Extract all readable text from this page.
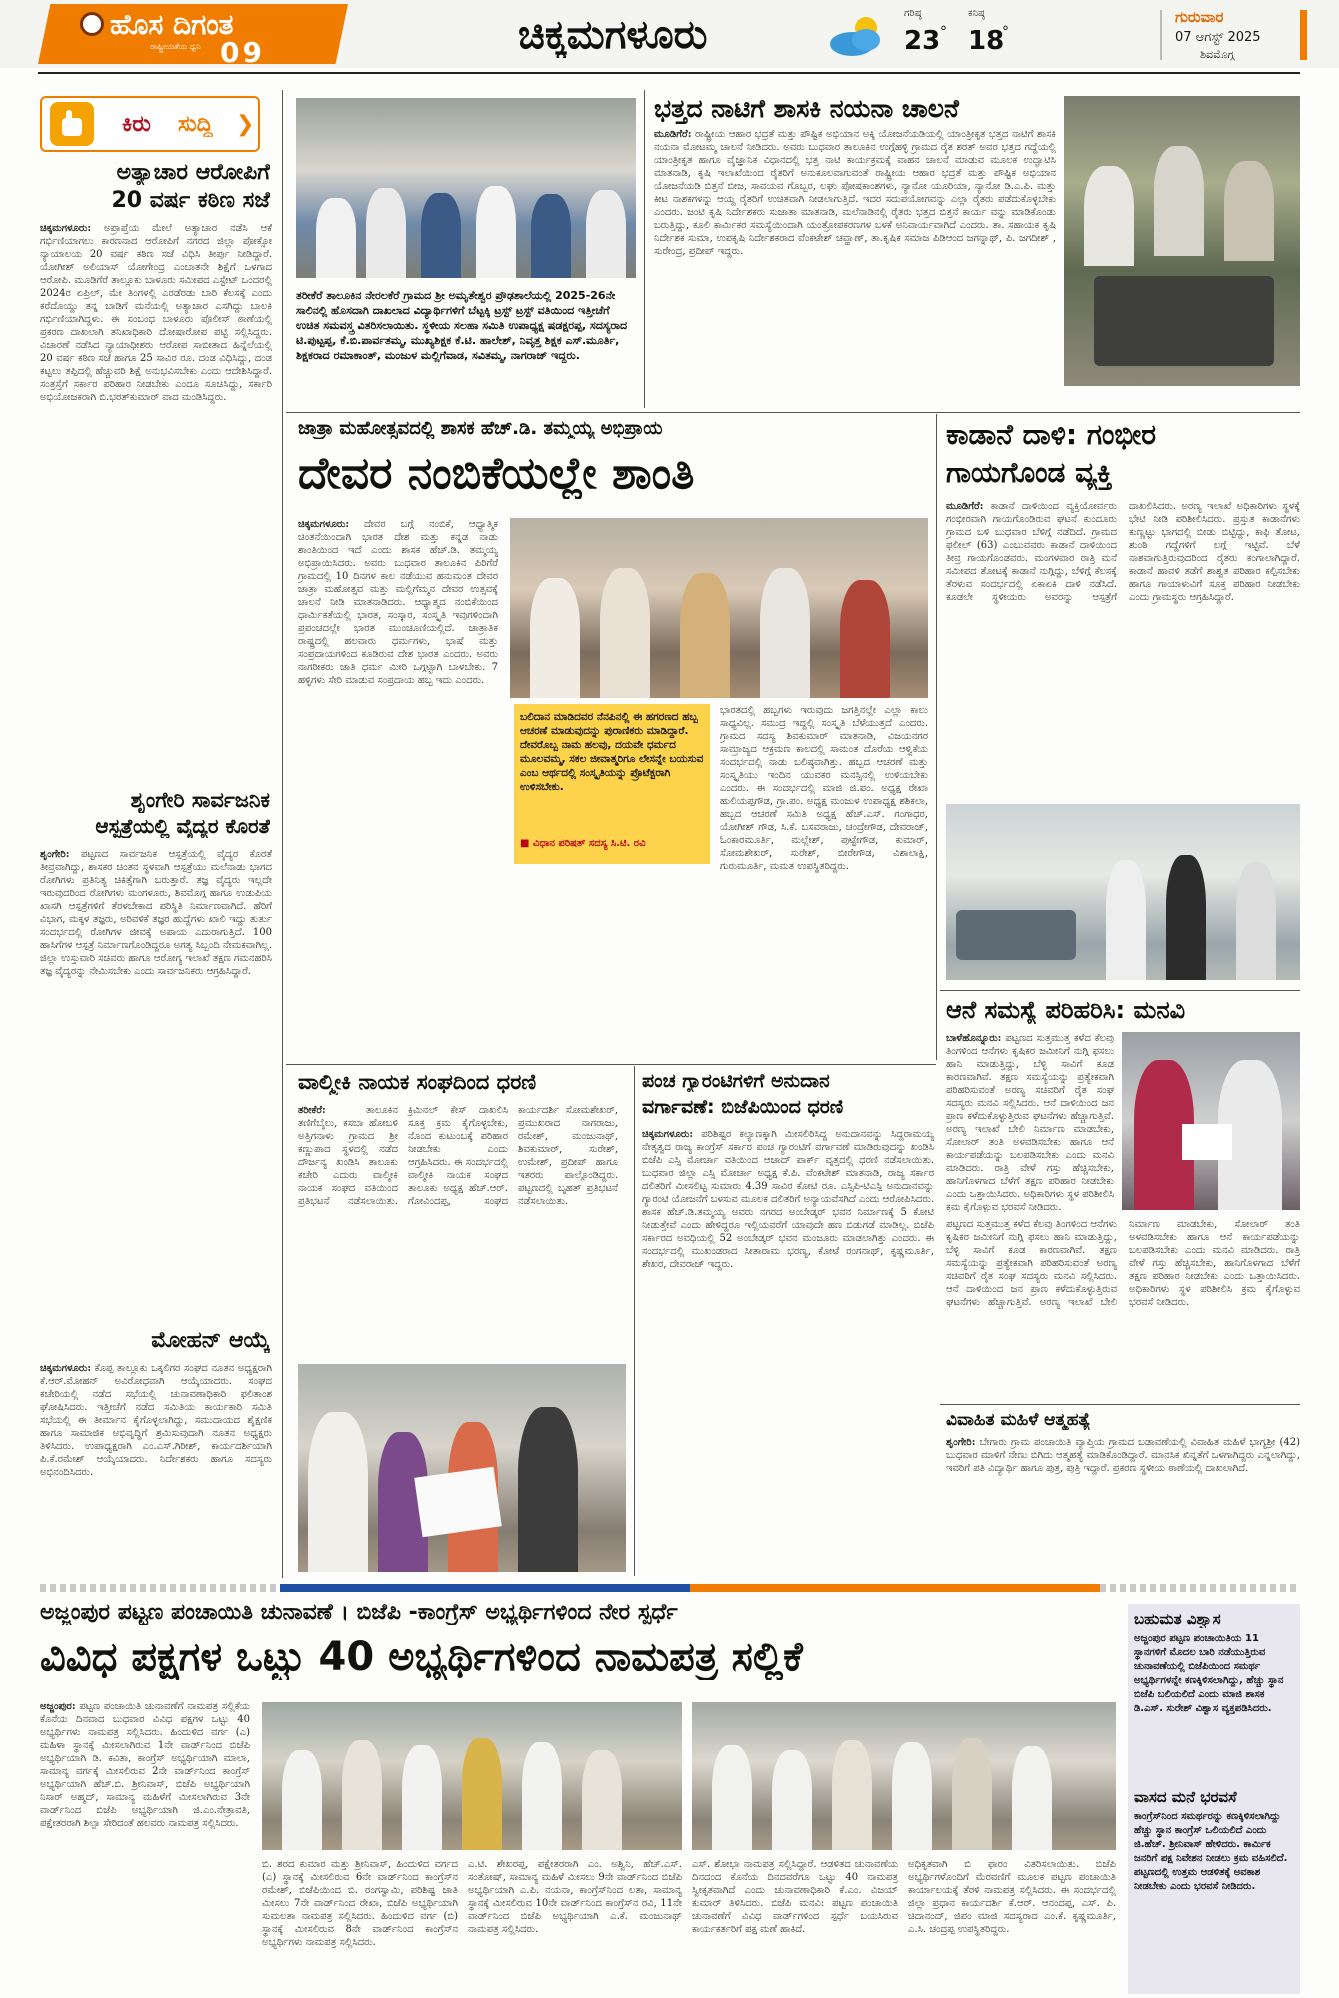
ಹೊಸ ದಿಗಂತ
ರಾಷ್ಟ್ರೀಯತೆಯ ಧ್ವನಿ 09	ಚಿಕ್ಕಮಗಳೂರು	ಗರಿಷ್ಠ
23 °
ಕನಿಷ್ಠ
18
°
ಗುರುವಾರ
07 ಆಗಸ್ಟ್ 2025
ಶಿವಮೊಗ್ಗ
ಕಿರು ಸುದ್ದಿ ❯
ಅತ್ಯಾಚಾರ ಆರೋಪಿಗೆ
20 ವರ್ಷ ಕಠಿಣ ಸಜೆ
ಚಿಕ್ಕಮಗಳೂರು: ಅಪ್ರಾಪ್ತೆಯ ಮೇಲೆ ಅತ್ಯಾಚಾರ ನಡೆಸಿ ಆಕೆ ಗರ್ಭಿಣಿಯಾಗಲು ಕಾರಣನಾದ ಆರೋಪಿಗೆ ನಗರದ ಜಿಲ್ಲಾ ಪೋಕ್ಸೋ ನ್ಯಾಯಾಲಯ 20 ವರ್ಷ ಕಠಿಣ ಸಜೆ ವಿಧಿಸಿ ತೀರ್ಪು ನೀಡಿದ್ದಾರೆ. ಯೋಗೀಶ್ ಅಲಿಯಾಸ್ ಯೋಗೇಂದ್ರ ಎಂಬಾತನೇ ಶಿಕ್ಷೆಗೆ ಒಳಗಾದ ಆರೋಪಿ. ಮೂಡಿಗೆರೆ ತಾಲ್ಲೂಕು ಬಾಳೂರು ಸಮೀಪದ ಎಸ್ಟೇಟ್ ಒಂದರಲ್ಲಿ 2024ರ ಏಪ್ರಿಲ್, ಮೇ ತಿಂಗಳಲ್ಲಿ ಎರಡೆರಡು ಬಾರಿ ಕೆಲಸಕ್ಕೆ ಎಂದು ಕರೆದೊಯ್ದು ತನ್ನ ಬಾಡಿಗೆ ಮನೆಯಲ್ಲಿ ಅತ್ಯಾಚಾರ ಎಸಗಿದ್ದು ಬಾಲಕಿ ಗರ್ಭಿಣಿಯಾಗಿದ್ದಳು. ಈ ಸಂಬಂಧ ಬಾಳೂರು ಪೊಲೀಸ್ ಠಾಣೆಯಲ್ಲಿ ಪ್ರಕರಣ ದಾಖಲಾಗಿ ತನಿಖಾಧಿಕಾರಿ ದೋಷಾರೋಪ ಪಟ್ಟಿ ಸಲ್ಲಿಸಿದ್ದರು. ವಿಚಾರಣೆ ನಡೆಸಿದ ನ್ಯಾಯಾಧೀಶರು ಆರೋಪ ಸಾಬೀತಾದ ಹಿನ್ನೆಲೆಯಲ್ಲಿ 20 ವರ್ಷ ಕಠಿಣ ಸಜೆ ಹಾಗೂ 25 ಸಾವಿರ ರೂ. ದಂಡ ವಿಧಿಸಿದ್ದು, ದಂಡ ಕಟ್ಟಲು ತಪ್ಪಿದಲ್ಲಿ ಹೆಚ್ಚುವರಿ ಶಿಕ್ಷೆ ಅನುಭವಿಸಬೇಕು ಎಂದು ಆದೇಶಿಸಿದ್ದಾರೆ. ಸಂತ್ರಸ್ತೆಗೆ ಸರ್ಕಾರ ಪರಿಹಾರ ನೀಡಬೇಕು ಎಂದೂ ಸೂಚಿಸಿದ್ದು, ಸರ್ಕಾರಿ ಅಭಿಯೋಜಕರಾಗಿ ಬಿ.ಭರತ್‌ಕುಮಾರ್ ವಾದ ಮಂಡಿಸಿದ್ದರು.
ಶೃಂಗೇರಿ ಸಾರ್ವಜನಿಕ
ಆಸ್ಪತ್ರೆಯಲ್ಲಿ ವೈದ್ಯರ ಕೊರತೆ
ಶೃಂಗೇರಿ: ಪಟ್ಟಣದ ಸಾರ್ವಜನಿಕ ಆಸ್ಪತ್ರೆಯಲ್ಲಿ ವೈದ್ಯರ ಕೊರತೆ ತೀವ್ರವಾಗಿದ್ದು, ಶಾಸಕರ ಚಿಂತನ ಸ್ಥಳವಾಗಿ ಆಸ್ಪತ್ರೆಯು ಮಲೆನಾಡು ಭಾಗದ ರೋಗಿಗಳು ಪ್ರತಿನಿತ್ಯ ಚಿಕಿತ್ಸೆಗಾಗಿ ಬರುತ್ತಾರೆ. ತಜ್ಞ ವೈದ್ಯರು ಇಲ್ಲದೇ ಇರುವುದರಿಂದ ರೋಗಿಗಳು ಮಂಗಳೂರು, ಶಿವಮೊಗ್ಗ ಹಾಗೂ ಉಡುಪಿಯ ಖಾಸಗಿ ಆಸ್ಪತ್ರೆಗಳಿಗೆ ತೆರಳಬೇಕಾದ ಪರಿಸ್ಥಿತಿ ನಿರ್ಮಾಣವಾಗಿದೆ. ಹೆರಿಗೆ ವಿಭಾಗ, ಮಕ್ಕಳ ತಜ್ಞರು, ಅರಿವಳಿಕೆ ತಜ್ಞರ ಹುದ್ದೆಗಳು ಖಾಲಿ ಇದ್ದು ತುರ್ತು ಸಂದರ್ಭದಲ್ಲಿ ರೋಗಿಗಳ ಜೀವಕ್ಕೆ ಅಪಾಯ ಎದುರಾಗುತ್ತಿದೆ. 100 ಹಾಸಿಗೆಗಳ ಆಸ್ಪತ್ರೆ ನಿರ್ಮಾಣಗೊಂಡಿದ್ದರೂ ಅಗತ್ಯ ಸಿಬ್ಬಂದಿ ನೇಮಕವಾಗಿಲ್ಲ. ಜಿಲ್ಲಾ ಉಸ್ತುವಾರಿ ಸಚಿವರು ಹಾಗೂ ಆರೋಗ್ಯ ಇಲಾಖೆ ತಕ್ಷಣ ಗಮನಹರಿಸಿ ತಜ್ಞ ವೈದ್ಯರನ್ನು ನೇಮಿಸಬೇಕು ಎಂದು ಸಾರ್ವಜನಿಕರು ಆಗ್ರಹಿಸಿದ್ದಾರೆ.
ಮೋಹನ್ ಆಯ್ಕೆ
ಚಿಕ್ಕಮಗಳೂರು: ಕೊಪ್ಪ ತಾಲ್ಲೂಕು ಒಕ್ಕಲಿಗರ ಸಂಘದ ನೂತನ ಅಧ್ಯಕ್ಷರಾಗಿ ಕೆ.ಆರ್.ಮೋಹನ್ ಅವಿರೋಧವಾಗಿ ಆಯ್ಕೆಯಾದರು. ಸಂಘದ ಕಚೇರಿಯಲ್ಲಿ ನಡೆದ ಸಭೆಯಲ್ಲಿ ಚುನಾವಣಾಧಿಕಾರಿ ಫಲಿತಾಂಶ ಘೋಷಿಸಿದರು. ಇತ್ತೀಚೆಗೆ ನಡೆದ ಸಮಿತಿಯ ಕಾರ್ಯಕಾರಿ ಸಮಿತಿ ಸಭೆಯಲ್ಲಿ ಈ ತೀರ್ಮಾನ ಕೈಗೊಳ್ಳಲಾಗಿದ್ದು, ಸಮುದಾಯದ ಶೈಕ್ಷಣಿಕ ಹಾಗೂ ಸಾಮಾಜಿಕ ಅಭಿವೃದ್ಧಿಗೆ ಶ್ರಮಿಸುವುದಾಗಿ ನೂತನ ಅಧ್ಯಕ್ಷರು ತಿಳಿಸಿದರು. ಉಪಾಧ್ಯಕ್ಷರಾಗಿ ಎಂ.ಎಸ್.ಗಿರೀಶ್, ಕಾರ್ಯದರ್ಶಿಯಾಗಿ ಪಿ.ಕೆ.ರಮೇಶ್ ಆಯ್ಕೆಯಾದರು. ನಿರ್ದೇಶಕರು ಹಾಗೂ ಸದಸ್ಯರು ಅಭಿನಂದಿಸಿದರು.
ತರೀಕೆರೆ ತಾಲೂಕಿನ ನೇರಲಕೆರೆ ಗ್ರಾಮದ ಶ್ರೀ ಅಮೃತೇಶ್ವರ ಪ್ರೌಢಶಾಲೆಯಲ್ಲಿ 2025-26ನೇ ಸಾಲಿನಲ್ಲಿ ಹೊಸದಾಗಿ ದಾಖಲಾದ ವಿದ್ಯಾರ್ಥಿಗಳಿಗೆ ಬೆಟ್ಟಕ್ಕಿ ಟ್ರಸ್ಟ್ ಟ್ರಸ್ಟ್ ವತಿಯಿಂದ ಇತ್ತೀಚೆಗೆ ಉಚಿತ ಸಮವಸ್ತ್ರ ವಿತರಿಸಲಾಯಿತು. ಸ್ಥಳೀಯ ಸಲಹಾ ಸಮಿತಿ ಉಪಾಧ್ಯಕ್ಷ ಷಡಕ್ಷರಪ್ಪ, ಸದಸ್ಯರಾದ ಟಿ.ಪುಟ್ಟಪ್ಪ, ಕೆ.ಬಿ.ಪಾರ್ವತಮ್ಮ, ಮುಖ್ಯಶಿಕ್ಷಕ ಕೆ.ಟಿ. ಹಾಲೇಶ್, ನಿವೃತ್ತ ಶಿಕ್ಷಕ ಎಸ್.ಮೂರ್ತಿ, ಶಿಕ್ಷಕರಾದ ರಮಾಕಾಂತ್, ಮಂಜುಳ ಮಲ್ಲಿಗೆವಾಡ, ಸವಿತಮ್ಮ, ನಾಗರಾಜ್ ಇದ್ದರು.
ಭತ್ತದ ನಾಟಿಗೆ ಶಾಸಕಿ ನಯನಾ ಚಾಲನೆ
ಮೂಡಿಗೆರೆ: ರಾಷ್ಟ್ರೀಯ ಆಹಾರ ಭದ್ರತೆ ಮತ್ತು ಪೌಷ್ಟಿಕ ಅಭಿಯಾನ ಅಕ್ಕಿ ಯೋಜನೆಯಡಿಯಲ್ಲಿ ಯಾಂತ್ರೀಕೃತ ಭತ್ತದ ನಾಟಿಗೆ ಶಾಸಕಿ ನಯನಾ ಮೋಟಮ್ಮ ಚಾಲನೆ ನೀಡಿದರು. ಅವರು ಬುಧವಾರ ತಾಲೂಕಿನ ಉಗ್ಗೆಹಳ್ಳಿ ಗ್ರಾಮದ ರೈತ ಶರತ್ ಅವರ ಭತ್ತದ ಗದ್ದೆಯಲ್ಲಿ ಯಾಂತ್ರೀಕೃತ ಹಾಗೂ ವೈಜ್ಞಾನಿಕ ವಿಧಾನದಲ್ಲಿ ಭತ್ತ ನಾಟಿ ಕಾರ್ಯಕ್ರಮಕ್ಕೆ ವಾಹನ ಚಾಲನೆ ಮಾಡುವ ಮೂಲಕ ಉದ್ಘಾಟಿಸಿ ಮಾತನಾಡಿ, ಕೃಷಿ ಇಲಾಖೆಯಿಂದ ರೈತರಿಗೆ ಅನುಕೂಲವಾಗುವಂತೆ ರಾಷ್ಟ್ರೀಯ ಆಹಾರ ಭದ್ರತೆ ಮತ್ತು ಪೌಷ್ಟಿಕ ಅಭಿಯಾನ ಯೋಜನೆಯಡಿ ಬಿತ್ತನೆ ಬೀಜ, ಸಾವಯವ ಗೊಬ್ಬರ, ಲಘು ಪೋಷಕಾಂಶಗಳು, ನ್ಯಾನೋ ಯೂರಿಯಾ, ನ್ಯಾನೋ ಡಿ.ಎ.ಪಿ. ಮತ್ತು ಕೀಟ ನಾಶಕಗಳನ್ನು ಆಯ್ದ ರೈತರಿಗೆ ಉಚಿತವಾಗಿ ನೀಡಲಾಗುತ್ತಿದೆ. ಇದರ ಸದುಪಯೋಗವನ್ನು ಎಲ್ಲಾ ರೈತರು ಪಡೆದುಕೊಳ್ಳಬೇಕು ಎಂದರು. ಜಂಟಿ ಕೃಷಿ ನಿರ್ದೇಶಕರು ಸುಜಾತಾ ಮಾತನಾಡಿ, ಮಲೆನಾಡಿನಲ್ಲಿ ರೈತರು ಭತ್ತದ ಬಿತ್ತನೆ ಕಾರ್ಯ ವನ್ನು ಮಾಡಿಕೊಂಡು ಬರುತ್ತಿದ್ದು, ಕೂಲಿ ಕಾರ್ಮಿಕರ ಸಮಸ್ಯೆಯಿಂದಾಗಿ ಯಂತ್ರೋಪಕರಣಗಳ ಬಳಕೆ ಅನಿವಾರ್ಯವಾಗಿದೆ ಎಂದರು. ತಾ. ಸಹಾಯಕ ಕೃಷಿ ನಿರ್ದೇಶಕ ಸುಮಾ, ಉಪಕೃಷಿ ನಿರ್ದೇಶಕರಾದ ವೆಂಕಟೇಶ್ ಚವ್ಹಾಣ್, ತಾ.ಕೃಷಿಕ ಸಮಾಜ ಪಿಡಿಆಂದ ಜಗನ್ನಾಥ್, ಪಿ. ಜಗದೀಶ್ , ಸುರೇಂದ್ರ, ಪ್ರದೀಪ್ ಇದ್ದರು.
ಜಾತ್ರಾ ಮಹೋತ್ಸವದಲ್ಲಿ ಶಾಸಕ ಹೆಚ್.ಡಿ. ತಮ್ಮಯ್ಯ ಅಭಿಪ್ರಾಯ
ದೇವರ ನಂಬಿಕೆಯಲ್ಲೇ ಶಾಂತಿ
ಚಿಕ್ಕಮಗಳೂರು: ದೇವರ ಬಗ್ಗೆ ನಂಬಿಕೆ, ಆಧ್ಯಾತ್ಮಿಕ ಚಿಂತನೆಯಿಂದಾಗಿ ಭಾರತ ದೇಶ ಮತ್ತು ಕನ್ನಡ ನಾಡು ಶಾಂತಿಯಿಂದ ಇದೆ ಎಂದು ಶಾಸಕ ಹೆಚ್.ಡಿ. ತಮ್ಮಯ್ಯ ಅಭಿಪ್ರಾಯಿಸಿದರು. ಅವರು ಬುಧವಾರ ತಾಲೂಕಿನ ಪಿರಿಗೆರೆ ಗ್ರಾಮದಲ್ಲಿ 10 ದಿನಗಳ ಕಾಲ ನಡೆಯುವ ಹನುಮಂತ ದೇವರ ಜಾತ್ರಾ ಮಹೋತ್ಸವ ಮತ್ತು ಮಲ್ಲಿಗೆಮ್ಮನ ದೇವರ ಉತ್ಸವಕ್ಕೆ ಚಾಲನೆ ನೀಡಿ ಮಾತನಾಡಿದರು. ಆಧ್ಯಾತ್ಮದ ನಂಬಿಕೆಯಿಂದ ಧಾರ್ಮಿಕತೆಯಲ್ಲಿ ಭಾರತ, ಸಂಸ್ಕಾರ, ಸಂಸ್ಕೃತಿ ಇವುಗಳಿಂದಾಗಿ ಪ್ರಪಂಚದಲ್ಲೇ ಭಾರತ ಮುಂಚೂಣಿಯಲ್ಲಿದೆ. ಜಾತ್ರಾತಿಕ ರಾಷ್ಟ್ರದಲ್ಲಿ ಹಲವಾರು ಧರ್ಮಗಳು, ಭಾಷೆ ಮತ್ತು ಸಂಪ್ರದಾಯಗಳಿಂದ ಕೂಡಿರುವ ದೇಶ ಭಾರತ ಎಂದರು. ಅವರು ನಾಗರೀಕರು ಜಾತಿ ಧರ್ಮ ಮೀರಿ ಒಗ್ಗಟ್ಟಾಗಿ ಬಾಳಬೇಕು. 7 ಹಳ್ಳಿಗಳು ಸೇರಿ ಮಾಡುವ ಸಂಪ್ರದಾಯ ಹಬ್ಬ ಇದು ಎಂದರು.
ಬಲಿದಾನ ಮಾಡಿದವರ ನೆನಪಿನಲ್ಲಿ ಈ ಹಗರಣದ ಹಬ್ಬ ಆಚರಣೆ ಮಾಡುವುದನ್ನು ಪುರಾಣಿಕರು ಮಾಡಿದ್ದಾರೆ. ದೇವರೊಬ್ಬ ನಾಮ ಹಲವು, ದಯವೇ ಧರ್ಮದ ಮೂಲವಮ್ಮ, ಸಕಲ ಜೀವಾತ್ಮರಿಗೂ ಲೇಸನ್ನೇ ಬಯಸುವ ಎಂಬ ಆರ್ಥದಲ್ಲಿ ಸಂಸ್ಕೃತಿಯನ್ನು ಪ್ರೊಟೆಕ್ಟರಾಗಿ ಉಳಿಸಬೇಕು.
■ ವಿಧಾನ ಪರಿಷತ್ ಸದಸ್ಯ ಸಿ.ಟಿ. ರವಿ
ಭಾರತದಲ್ಲಿ ಹಬ್ಬಗಳು ಇರುವುದು ಜಗತ್ತಿನಲ್ಲೇ ಎಲ್ಲಾ ಕಾಲು ಸಾಧ್ಯವಿಲ್ಲ. ಸಮುದ್ರ ಇದ್ದಲ್ಲಿ ಸಂಸ್ಕೃತಿ ಬೆಳೆಯುತ್ತದೆ ಎಂದರು. ಗ್ರಾಮದ ಸದಸ್ಯ ಶಿವಕುಮಾರ್ ಮಾತನಾಡಿ, ವಿಜಯನಗರ ಸಾಮ್ರಾಜ್ಯದ ಆಕ್ರಮಣ ಕಾಲದಲ್ಲಿ ಸಾಮಂತ ದೊರೆಯ ಆಳ್ವಿಕೆಯ ಸಂದರ್ಭದಲ್ಲಿ ನಾಡು ಬಲಿಷ್ಠವಾಗಿತ್ತು. ಹಬ್ಬದ ಆಚರಣೆ ಮತ್ತು ಸಂಸ್ಕೃತಿಯು ಇಂದಿನ ಯುವಕರ ಮನಸ್ಸಿನಲ್ಲಿ ಉಳಿಯಬೇಕು ಎಂದರು. ಈ ಸಂದರ್ಭದಲ್ಲಿ ಮಾಜಿ ಜಿ.ಪಂ. ಅಧ್ಯಕ್ಷ ರೇಖಾ ಹುಲಿಯಪ್ಪಗೌಡ, ಗ್ರಾ.ಪಂ. ಅಧ್ಯಕ್ಷ ಮಂಜುಳ ಉಪಾಧ್ಯಕ್ಷ ಶಶಿಕಲಾ, ಹಬ್ಬದ ಆಚರಣೆ ಸಮಿತಿ ಅಧ್ಯಕ್ಷ ಹೆಚ್.ಎಸ್. ಗಂಗಾಧರ, ಯೋಗೀಶ್ ಗೌಡ, ಸಿ.ಕೆ. ಬಸವರಾಜು, ಚಂದ್ರೇಗೌಡ, ದೇವರಾಜ್, ಓಂಕಾರಮೂರ್ತಿ, ಮಲ್ಲೇಶ್, ಪುಟ್ಟೇಗೌಡ, ಕುಮಾರ್, ಸೋಮಶೇಖರ್, ಸುರೇಶ್, ಬೀರೇಗೌಡ, ವಿಶಾಲಾಕ್ಷಿ, ಗುರುಮೂರ್ತಿ, ಮಮತ ಉಪಸ್ಥಿತರಿದ್ದರು.
ಕಾಡಾನೆ ದಾಳಿ: ಗಂಭೀರ
ಗಾಯಗೊಂಡ ವ್ಯಕ್ತಿ
ಮೂಡಿಗೆರೆ: ಕಾಡಾನೆ ದಾಳಿಯಿಂದ ವ್ಯಕ್ತಿಯೋರ್ವರು ಗಂಭೀರವಾಗಿ ಗಾಯಗೊಂಡಿರುವ ಘಟನೆ ಕುಂದೂರು ಗ್ರಾಮದ ಬಳಿ ಬುಧವಾರ ಬೆಳಿಗ್ಗೆ ನಡೆದಿದೆ. ಗ್ರಾಮದ ಫಲೀಲ್ (63) ಎಂಬುವವರು ಕಾಡಾನೆ ದಾಳಿಯಿಂದ ತೀವ್ರ ಗಾಯಗೊಂಡವರು. ಮಂಗಳವಾರ ರಾತ್ರಿ ಮನೆ ಸಮೀಪದ ತೋಟಕ್ಕೆ ಕಾಡಾನೆ ನುಗ್ಗಿದ್ದು, ಬೆಳಿಗ್ಗೆ ಕೆಲಸಕ್ಕೆ ತೆರಳುವ ಸಂದರ್ಭದಲ್ಲಿ ಏಕಾಏಕಿ ದಾಳಿ ನಡೆಸಿದೆ. ಕೂಡಲೇ ಸ್ಥಳೀಯರು ಅವರನ್ನು ಆಸ್ಪತ್ರೆಗೆ ದಾಖಲಿಸಿದರು. ಅರಣ್ಯ ಇಲಾಖೆ ಅಧಿಕಾರಿಗಳು ಸ್ಥಳಕ್ಕೆ ಭೇಟಿ ನೀಡಿ ಪರಿಶೀಲಿಸಿದರು. ಪ್ರಸ್ತುತ ಕಾಡಾನೆಗಳು ಕುಣ್ಣಟ್ಟು ಭಾಗದಲ್ಲಿ ಬೀಡು ಬಿಟ್ಟಿದ್ದು, ಕಾಫಿ ತೋಟ, ಶುಂಠಿ ಗದ್ದೆಗಳಿಗೆ ಲಗ್ಗೆ ಇಟ್ಟಿವೆ. ಬೆಳೆ ನಾಶವಾಗುತ್ತಿರುವುದರಿಂದ ರೈತರು ಕಂಗಾಲಾಗಿದ್ದಾರೆ. ಕಾಡಾನೆ ಹಾವಳಿ ತಡೆಗೆ ಶಾಶ್ವತ ಪರಿಹಾರ ಕಲ್ಪಿಸಬೇಕು ಹಾಗೂ ಗಾಯಾಳುವಿಗೆ ಸೂಕ್ತ ಪರಿಹಾರ ನೀಡಬೇಕು ಎಂದು ಗ್ರಾಮಸ್ಥರು ಆಗ್ರಹಿಸಿದ್ದಾರೆ.
ಆನೆ ಸಮಸ್ಯೆ ಪರಿಹರಿಸಿ: ಮನವಿ
ಬಾಳೆಹೊನ್ನೂರು: ಪಟ್ಟಣದ ಸುತ್ತಮುತ್ತ ಕಳೆದ ಕೆಲವು ತಿಂಗಳಿಂದ ಆನೆಗಳು ಕೃಷಿಕರ ಜಮೀನಿಗೆ ನುಗ್ಗಿ ಫಸಲು ಹಾನಿ ಮಾಡುತ್ತಿದ್ದು, ಬೆಳ್ಳಿ ಸಾವಿಗೆ ಕೂಡ ಕಾರಣವಾಗಿವೆ. ತಕ್ಷಣ ಸಮಸ್ಯೆಯನ್ನು ಪ್ರತ್ಯೇಕವಾಗಿ ಪರಿಹರಿಸುವಂತೆ ಅರಣ್ಯ ಸಚಿವರಿಗೆ ರೈತ ಸಂಘ ಸದಸ್ಯರು ಮನವಿ ಸಲ್ಲಿಸಿದರು. ಆನೆ ದಾಳಿಯಿಂದ ಜನ ಪ್ರಾಣ ಕಳೆದುಕೊಳ್ಳುತ್ತಿರುವ ಘಟನೆಗಳು ಹೆಚ್ಚಾಗುತ್ತಿವೆ. ಅರಣ್ಯ ಇಲಾಖೆ ಬೇಲಿ ನಿರ್ಮಾಣ ಮಾಡಬೇಕು, ಸೋಲಾರ್ ತಂತಿ ಅಳವಡಿಸಬೇಕು ಹಾಗೂ ಆನೆ ಕಾರ್ಯಪಡೆಯನ್ನು ಬಲಪಡಿಸಬೇಕು ಎಂದು ಮನವಿ ಮಾಡಿದರು. ರಾತ್ರಿ ವೇಳೆ ಗಸ್ತು ಹೆಚ್ಚಿಸಬೇಕು, ಹಾನಿಗೊಳಗಾದ ಬೆಳೆಗೆ ತಕ್ಷಣ ಪರಿಹಾರ ನೀಡಬೇಕು ಎಂದು ಒತ್ತಾಯಿಸಿದರು. ಅಧಿಕಾರಿಗಳು ಸ್ಥಳ ಪರಿಶೀಲಿಸಿ ಕ್ರಮ ಕೈಗೊಳ್ಳುವ ಭರವಸೆ ನೀಡಿದರು.
ಪಟ್ಟಣದ ಸುತ್ತಮುತ್ತ ಕಳೆದ ಕೆಲವು ತಿಂಗಳಿಂದ ಆನೆಗಳು ಕೃಷಿಕರ ಜಮೀನಿಗೆ ನುಗ್ಗಿ ಫಸಲು ಹಾನಿ ಮಾಡುತ್ತಿದ್ದು, ಬೆಳ್ಳಿ ಸಾವಿಗೆ ಕೂಡ ಕಾರಣವಾಗಿವೆ. ತಕ್ಷಣ ಸಮಸ್ಯೆಯನ್ನು ಪ್ರತ್ಯೇಕವಾಗಿ ಪರಿಹರಿಸುವಂತೆ ಅರಣ್ಯ ಸಚಿವರಿಗೆ ರೈತ ಸಂಘ ಸದಸ್ಯರು ಮನವಿ ಸಲ್ಲಿಸಿದರು. ಆನೆ ದಾಳಿಯಿಂದ ಜನ ಪ್ರಾಣ ಕಳೆದುಕೊಳ್ಳುತ್ತಿರುವ ಘಟನೆಗಳು ಹೆಚ್ಚಾಗುತ್ತಿವೆ. ಅರಣ್ಯ ಇಲಾಖೆ ಬೇಲಿ ನಿರ್ಮಾಣ ಮಾಡಬೇಕು, ಸೋಲಾರ್ ತಂತಿ ಅಳವಡಿಸಬೇಕು ಹಾಗೂ ಆನೆ ಕಾರ್ಯಪಡೆಯನ್ನು ಬಲಪಡಿಸಬೇಕು ಎಂದು ಮನವಿ ಮಾಡಿದರು. ರಾತ್ರಿ ವೇಳೆ ಗಸ್ತು ಹೆಚ್ಚಿಸಬೇಕು, ಹಾನಿಗೊಳಗಾದ ಬೆಳೆಗೆ ತಕ್ಷಣ ಪರಿಹಾರ ನೀಡಬೇಕು ಎಂದು ಒತ್ತಾಯಿಸಿದರು. ಅಧಿಕಾರಿಗಳು ಸ್ಥಳ ಪರಿಶೀಲಿಸಿ ಕ್ರಮ ಕೈಗೊಳ್ಳುವ ಭರವಸೆ ನೀಡಿದರು.
ವಿವಾಹಿತ ಮಹಿಳೆ ಆತ್ಮಹತ್ಯೆ
ಶೃಂಗೇರಿ: ಬೇಗಾರು ಗ್ರಾಮ ಪಂಚಾಯಿತಿ ವ್ಯಾಪ್ತಿಯ ಗ್ರಾಮದ ಬಡಾವಣೆಯಲ್ಲಿ ವಿವಾಹಿತ ಮಹಿಳೆ ಭಾಗ್ಯಶ್ರೀ (42) ಬುಧವಾರ ಮಾಳಿಗೆ ನೇಣು ಬಿಗಿದು ಆತ್ಮಹತ್ಯೆ ಮಾಡಿಕೊಂಡಿದ್ದಾರೆ. ಮಾನಸಿಕ ಖಿನ್ನತೆಗೆ ಒಳಗಾಗಿದ್ದರು ಎನ್ನಲಾಗಿದ್ದು, ಇವರಿಗೆ ಪತಿ ವಿದ್ಯಾರ್ಥಿ ಹಾಗೂ ಪುತ್ರ, ಪುತ್ರಿ ಇದ್ದಾರೆ. ಪ್ರಕರಣ ಸ್ಥಳೀಯ ಠಾಣೆಯಲ್ಲಿ ದಾಖಲಾಗಿದೆ.
ವಾಲ್ಮೀಕಿ ನಾಯಕ ಸಂಘದಿಂದ ಧರಣಿ
ತರೀಕೆರೆ:	ತಾಲೂಕಿನ ತಣಿಗೆಬೈಲು, ಕಸಬಾ ಹೋಬಳಿ ಅತ್ತಿಗನಾಳು ಗ್ರಾಮದ ಶ್ರೀ ಕಣ್ಣುಪಾದ ಸ್ಥಳದಲ್ಲಿ ನಡೆದ ದೌರ್ಜನ್ಯ ಖಂಡಿಸಿ ತಾಲೂಕು ಕಚೇರಿ ಎದುರು ವಾಲ್ಮೀಕಿ ನಾಯಕ ಸಂಘದ ವತಿಯಿಂದ ಪ್ರತಿಭಟನೆ ನಡೆಸಲಾಯಿತು. ಕ್ರಿಮಿನಲ್ ಕೇಸ್ ದಾಖಲಿಸಿ ಸೂಕ್ತ ಕ್ರಮ ಕೈಗೊಳ್ಳಬೇಕು, ನೊಂದ ಕುಟುಂಬಕ್ಕೆ ಪರಿಹಾರ ನೀಡಬೇಕು ಎಂದು ಆಗ್ರಹಿಸಿದರು. ಈ ಸಂದರ್ಭದಲ್ಲಿ ವಾಲ್ಮೀಕಿ ನಾಯಕ ಸಂಘದ ತಾಲೂಕು ಅಧ್ಯಕ್ಷ ಹೆಚ್.ಆರ್. ಗೋವಿಂದಪ್ಪ, ಸಂಘದ ಕಾರ್ಯದರ್ಶಿ ಸೋಮಶೇಖರ್, ಪ್ರಮುಖರಾದ ನಾಗರಾಜು, ರಮೇಶ್, ಮಂಜುನಾಥ್, ಶಿವಕುಮಾರ್, ಸುರೇಶ್, ಉಮೇಶ್, ಪ್ರದೀಪ್ ಹಾಗೂ ಇತರರು ಪಾಲ್ಗೊಂಡಿದ್ದರು. ಪಟ್ಟಣದಲ್ಲಿ ಬೃಹತ್ ಪ್ರತಿಭಟನೆ ನಡೆಸಲಾಯಿತು.
ಪಂಚ ಗ್ಯಾರಂಟಿಗಳಿಗೆ ಅನುದಾನ
ವರ್ಗಾವಣೆ: ಬಿಜೆಪಿಯಿಂದ ಧರಣಿ
ಚಿಕ್ಕಮಗಳೂರು: ಪರಿಶಿಷ್ಟರ ಕಲ್ಯಾಣಕ್ಕಾಗಿ ಮೀಸಲಿರಿಸಿದ್ದ ಅನುದಾನವನ್ನು ಸಿದ್ದರಾಮಯ್ಯ ನೇತೃತ್ವದ ರಾಜ್ಯ ಕಾಂಗ್ರೆಸ್ ಸರ್ಕಾರ ಪಂಚ ಗ್ಯಾರಂಟಿಗೆ ವರ್ಗಾವಣೆ ಮಾಡಿರುವುದನ್ನು ಖಂಡಿಸಿ ಬಿಜೆಪಿ ಎಸ್ಸಿ ಮೋರ್ಚಾ ವತಿಯಿಂದ ಆಜಾದ್ ಪಾರ್ಕ್ ವೃತ್ತದಲ್ಲಿ ಧರಣಿ ನಡೆಸಲಾಯಿತು. ಬುಧವಾರ ಜಿಲ್ಲಾ ಎಸ್ಸಿ ಮೋರ್ಚಾ ಅಧ್ಯಕ್ಷ ಕೆ.ಪಿ. ವೆಂಕಟೇಶ್ ಮಾತನಾಡಿ, ರಾಜ್ಯ ಸರ್ಕಾರ ದಲಿತರಿಗೆ ಮೀಸಲಿಟ್ಟ ಸುಮಾರು 4.39 ಸಾವಿರ ಕೋಟಿ ರೂ. ಎಸ್ಸಿಪಿ-ಟಿಎಸ್ಪಿ ಅನುದಾನವನ್ನು ಗ್ಯಾರಂಟಿ ಯೋಜನೆಗೆ ಬಳಸುವ ಮೂಲಕ ದಲಿತರಿಗೆ ಅನ್ಯಾಯವೆಸಗಿದೆ ಎಂದು ಆರೋಪಿಸಿದರು. ಶಾಸಕ ಹೆಚ್.ಡಿ.ತಮ್ಮಯ್ಯ ಅವರು ನಗರದ ಅಂಬೇಡ್ಕರ್ ಭವನ ನಿರ್ಮಾಣಕ್ಕೆ 5 ಕೋಟಿ ನೀಡುತ್ತೇವೆ ಎಂದು ಹೇಳಿದ್ದರೂ ಇಲ್ಲಿಯವರೆಗೆ ಯಾವುದೇ ಹಣ ಬಿಡುಗಡೆ ಮಾಡಿಲ್ಲ. ಬಿಜೆಪಿ ಸರ್ಕಾರದ ಅವಧಿಯಲ್ಲಿ 52 ಅಂಬೇಡ್ಕರ್ ಭವನ ಮಂಜೂರು ಮಾಡಲಾಗಿತ್ತು ಎಂದರು. ಈ ಸಂದರ್ಭದಲ್ಲಿ ಮುಖಂಡರಾದ ಸೀತಾರಾಮ ಭರಣ್ಯ, ಕೋಟೆ ರಂಗನಾಥ್, ಕೃಷ್ಣಮೂರ್ತಿ, ಶೇಖರ, ದೇವರಾಜ್ ಇದ್ದರು.
ಅಜ್ಜಂಪುರ ಪಟ್ಟಣ ಪಂಚಾಯಿತಿ ಚುನಾವಣೆ । ಬಿಜೆಪಿ -ಕಾಂಗ್ರೆಸ್ ಅಭ್ಯರ್ಥಿಗಳಿಂದ ನೇರ ಸ್ಪರ್ಧೆ
ವಿವಿಧ ಪಕ್ಷಗಳ ಒಟ್ಟು 40 ಅಭ್ಯರ್ಥಿಗಳಿಂದ ನಾಮಪತ್ರ ಸಲ್ಲಿಕೆ
ಅಜ್ಜಂಪುರ: ಪಟ್ಟಣ ಪಂಚಾಯಿತಿ ಚುನಾವಣೆಗೆ ನಾಮಪತ್ರ ಸಲ್ಲಿಕೆಯ ಕೊನೆಯ ದಿನವಾದ ಬುಧವಾರ ವಿವಿಧ ಪಕ್ಷಗಳ ಒಟ್ಟು 40 ಅಭ್ಯರ್ಥಿಗಳು ನಾಮಪತ್ರ ಸಲ್ಲಿಸಿದರು. ಹಿಂದುಳಿದ ವರ್ಗ (ಎ) ಮಹಿಳಾ ಸ್ಥಾನಕ್ಕೆ ಮೀಸಲಾಗಿರುವ 1ನೇ ವಾರ್ಡ್‌ನಿಂದ ಬಿಜೆಪಿ ಅಭ್ಯರ್ಥಿಯಾಗಿ ಡಿ. ಕವಿತಾ, ಕಾಂಗ್ರೆಸ್ ಅಭ್ಯರ್ಥಿಯಾಗಿ ಮಾಲಾ, ಸಾಮಾನ್ಯ ವರ್ಗಕ್ಕೆ ಮೀಸಲಿರುವ 2ನೇ ವಾರ್ಡ್‌ನಿಂದ ಕಾಂಗ್ರೆಸ್ ಅಭ್ಯರ್ಥಿಯಾಗಿ ಹೆಚ್.ಬಿ. ಶ್ರೀನಿವಾಸ್, ಬಿಜೆಪಿ ಅಭ್ಯರ್ಥಿಯಾಗಿ ನಿಸಾರ್ ಅಹ್ಮದ್, ಸಾಮಾನ್ಯ ಮಹಿಳೆಗೆ ಮೀಸಲಾಗಿರುವ 3ನೇ ವಾರ್ಡ್‌ನಿಂದ ಬಿಜೆಪಿ ಅಭ್ಯರ್ಥಿಯಾಗಿ ಜಿ.ಎಂ.ನೇತ್ರಾವತಿ, ಪಕ್ಷೇತರರಾಗಿ ಶಿಲ್ಪಾ ಸೇರಿದಂತೆ ಹಲವರು ನಾಮಪತ್ರ ಸಲ್ಲಿಸಿದರು.
ಬಿ. ಶರದ ಕುಮಾರ ಮತ್ತು ಶ್ರೀನಿವಾಸ್, ಹಿಂದುಳಿದ ವರ್ಗದ (ಎ) ಸ್ಥಾನಕ್ಕೆ ಮೀಸಲಿರುವ 6ನೇ ವಾರ್ಡ್‌ನಿಂದ ಕಾಂಗ್ರೆಸ್‌ನ ರಮೇಶ್, ಬಿಜೆಪಿಯಿಂದ ಬಿ. ರಂಗಸ್ವಾಮಿ, ಪರಿಶಿಷ್ಟ ಜಾತಿ ಮೀಸಲು 7ನೇ ವಾರ್ಡ್‌ನಿಂದ ರೇಖಾ, ಬಿಜೆಪಿ ಅಭ್ಯರ್ಥಿಯಾಗಿ ಸುಮಲತಾ ನಾಮಪತ್ರ ಸಲ್ಲಿಸಿದರು. ಹಿಂದುಳಿದ ವರ್ಗ (ಬಿ) ಸ್ಥಾನಕ್ಕೆ ಮೀಸಲಿರುವ 8ನೇ ವಾರ್ಡ್‌ನಿಂದ ಕಾಂಗ್ರೆಸ್‌ನ ಅಭ್ಯರ್ಥಿಗಳು ನಾಮಪತ್ರ ಸಲ್ಲಿಸಿದರು.
ಎ.ಟಿ. ಶೇಖರಪ್ಪ, ಪಕ್ಷೇತರರಾಗಿ ಎಂ. ಅಶ್ವಿನಿ, ಹೆಚ್.ಎಸ್. ಸಂತೋಷ್, ಸಾಮಾನ್ಯ ಮಹಿಳೆ ಮೀಸಲು 9ನೇ ವಾರ್ಡ್‌ನಿಂದ ಬಿಜೆಪಿ ಅಭ್ಯರ್ಥಿಯಾಗಿ ಎ.ಪಿ. ನಯನಾ, ಕಾಂಗ್ರೆಸ್‌ನಿಂದ ಲತಾ, ಸಾಮಾನ್ಯ ಸ್ಥಾನಕ್ಕೆ ಮೀಸಲಿರುವ 10ನೇ ವಾರ್ಡ್‌ನಿಂದ ಕಾಂಗ್ರೆಸ್‌ನ ರವಿ, 11ನೇ ವಾರ್ಡ್‌ನಿಂದ ಬಿಜೆಪಿ ಅಭ್ಯರ್ಥಿಯಾಗಿ ಎ.ಕೆ. ಮಂಜುನಾಥ್ ನಾಮಪತ್ರ ಸಲ್ಲಿಸಿದರು.
ಎಸ್. ಶೋಭಾ ನಾಮಪತ್ರ ಸಲ್ಲಿಸಿದ್ದಾರೆ. ಆಡಳಿತದ ಚುನಾವಣೆಯ ದಿನದಂದ ಕೊನೆಯ ದಿನದವರೆಗೂ ಒಟ್ಟು 40 ನಾಮಪತ್ರ ಸ್ವೀಕೃತವಾಗಿದೆ ಎಂದು ಚುನಾವಣಾಧಿಕಾರಿ ಕೆ.ಎಂ. ವಿಜಯ್ ಕುಮಾರ್ ತಿಳಿಸಿದರು. ಬಿಜೆಪಿ ಮನವಿ: ಪಟ್ಟಣ ಪಂಚಾಯಿತಿ ಚುನಾವಣೆಗೆ ವಿವಿಧ ವಾರ್ಡ್‌ಗಳಿಂದ ಸ್ಪರ್ಧೆ ಬಯಸಿರುವ ಕಾರ್ಯಕರ್ತರಿಗೆ ಪಕ್ಷ ಮಣೆ ಹಾಕಿದೆ.
ಅಧಿಕೃತವಾಗಿ ಬಿ ಫಾರಂ ವಿತರಿಸಲಾಯಿತು. ಬಿಜೆಪಿ ಅಭ್ಯರ್ಥಿಗಳೊಂದಿಗೆ ಮೆರವಣಿಗೆ ಮೂಲಕ ಪಟ್ಟಣ ಪಂಚಾಯಿತಿ ಕಾರ್ಯಾಲಯಕ್ಕೆ ತೆರಳಿ ನಾಮಪತ್ರ ಸಲ್ಲಿಸಿದರು. ಈ ಸಂದರ್ಭದಲ್ಲಿ ಜಿಲ್ಲಾ ಪ್ರಧಾನ ಕಾರ್ಯದರ್ಶಿ ಕೆ.ಆರ್. ಆನಂದಪ್ಪ, ಎಸ್. ಪಿ. ಚಿದಾನಂದ್, ಜಿಪಂ ಮಾಜಿ ಸದಸ್ಯರಾದ ಎಂ.ಕೆ. ಕೃಷ್ಣಮೂರ್ತಿ, ಎ.ಸಿ. ಚಂದ್ರಪ್ಪ ಉಪಸ್ಥಿತರಿದ್ದರು.
ಬಹುಮತ ವಿಶ್ವಾಸ
ಅಜ್ಜಂಪುರ ಪಟ್ಟಣ ಪಂಚಾಯಿತಿಯ 11 ಸ್ಥಾನಗಳಿಗೆ ಮೊದಲ ಬಾರಿ ನಡೆಯುತ್ತಿರುವ ಚುನಾವಣೆಯಲ್ಲಿ ಬಿಜೆಪಿಯಿಂದ ಸಮರ್ಥ ಅಭ್ಯರ್ಥಿಗಳನ್ನೇ ಕಣಕ್ಕಿಳಿಸಲಾಗಿದ್ದು, ಹೆಚ್ಚು ಸ್ಥಾನ ಬಿಜೆಪಿ ಬಲಿಯಲಿದೆ ಎಂದು ಮಾಜಿ ಶಾಸಕ ಡಿ.ಎಸ್. ಸುರೇಶ್ ವಿಶ್ವಾಸ ವ್ಯಕ್ತಪಡಿಸಿದರು.
ವಾಸದ ಮನೆ ಭರವಸೆ
ಕಾಂಗ್ರೆಸ್‌ನಿಂದ ಸಮರ್ಥರನ್ನು ಕಣಕ್ಕಿಳಿಸಲಾಗಿದ್ದು ಹೆಚ್ಚು ಸ್ಥಾನ ಕಾಂಗ್ರೆಸ್ ಒಲಿಯಲಿದೆ ಎಂದು ಜಿ.ಹೆಚ್. ಶ್ರೀನಿವಾಸ್ ಹೇಳಿದರು. ಕಾರ್ಮಿಕ ಜನರಿಗೆ ಪಕ್ಷ ನಿವೇಶನ ನೀಡಲು ಕ್ರಮ ವಹಿಸಲಿದೆ. ಪಟ್ಟಣದಲ್ಲಿ ಉತ್ತಮ ಆಡಳಿತಕ್ಕೆ ಅವಕಾಶ ನೀಡಬೇಕು ಎಂದು ಭರವಸೆ ನೀಡಿದರು.
